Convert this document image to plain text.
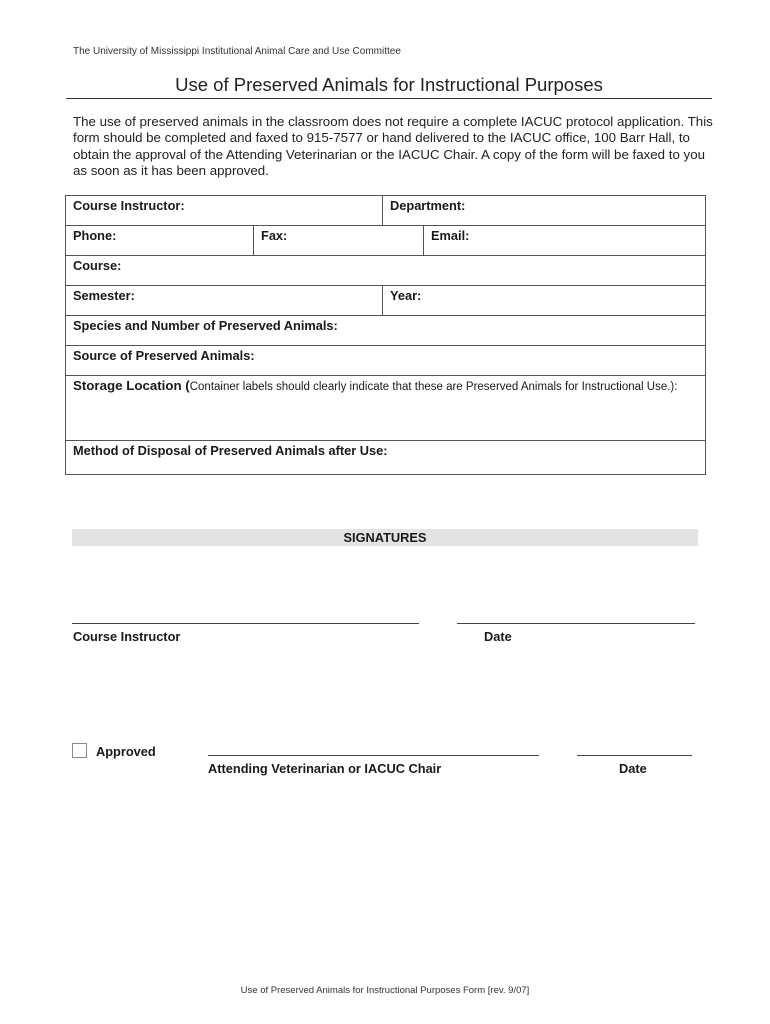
The University of Mississippi Institutional Animal Care and Use Committee
Use of Preserved Animals for Instructional Purposes
The use of preserved animals in the classroom does not require a complete IACUC protocol application. This form should be completed and faxed to 915-7577 or hand delivered to the IACUC office, 100 Barr Hall, to obtain the approval of the Attending Veterinarian or the IACUC Chair. A copy of the form will be faxed to you as soon as it has been approved.
Course Instructor:		Department:	
Phone:	Fax:		Email:
Course:			
Semester:		Year:	
Species and Number of Preserved Animals:			
Source of Preserved Animals:			
Storage Location (Container labels should clearly indicate that these are Preserved Animals for Instructional Use.):			
Method of Disposal of Preserved Animals after Use:			
SIGNATURES
Course Instructor	Date
Approved
Attending Veterinarian or IACUC Chair	Date
Use of Preserved Animals for Instructional Purposes Form [rev. 9/07]
